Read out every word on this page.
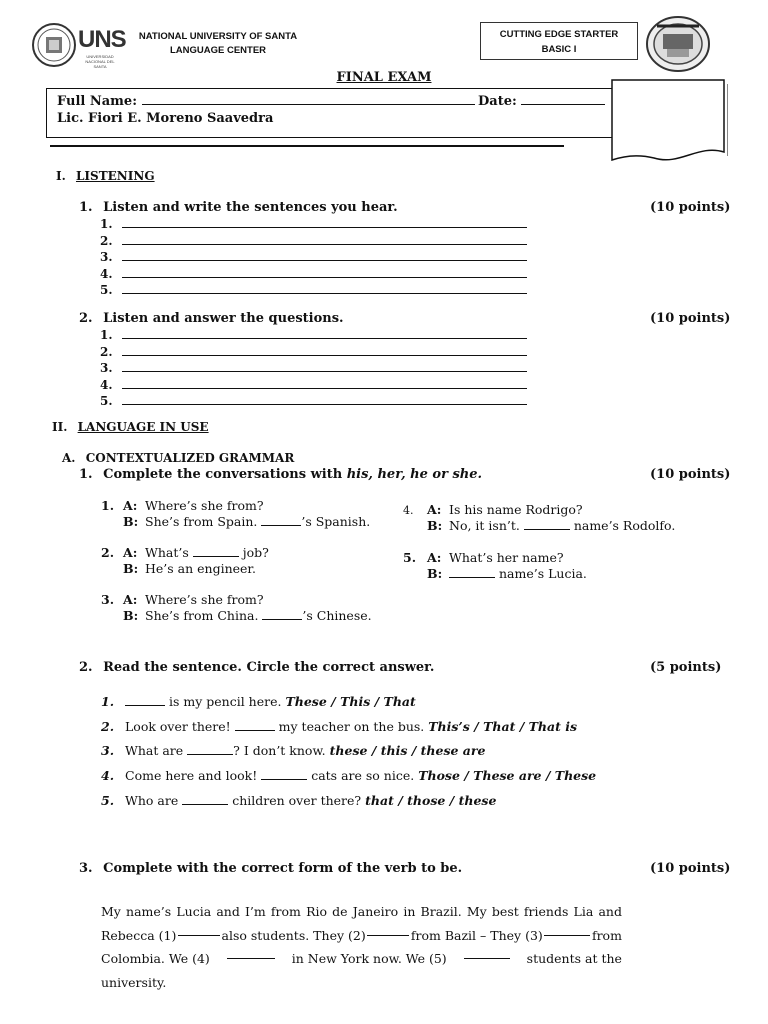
UNS
UNIVERSIDAD NACIONAL DEL SANTA
NATIONAL UNIVERSITY OF SANTA
LANGUAGE CENTER
CUTTING EDGE STARTER
BASIC I
FINAL EXAM
Full Name:	Date:
Lic. Fiori E. Moreno Saavedra
I. LISTENING
1. Listen and write the sentences you hear.	(10 points)
1.
2.
3.
4.
5.
2. Listen and answer the questions.	(10 points)
1.
2.
3.
4.
5.
II. LANGUAGE IN USE
A. CONTEXTUALIZED GRAMMAR
1. Complete the conversations with his, her, he or she.	(10 points)
1. A: Where’s she from?
B: She’s from Spain.	’s Spanish.
2. A: What’s	job?
B: He’s an engineer.
3. A: Where’s she from?
B: She’s from China.	’s Chinese.
4. A: Is his name Rodrigo?
B: No, it isn’t.	name’s Rodolfo.
5. A: What’s her name?
B:	name’s Lucia.
2. Read the sentence. Circle the correct answer.	(5 points)
1.	is my pencil here. These / This / That
2. Look over there!	my teacher on the bus. This’s / That / That is
3. What are	? I don’t know. these / this / these are
4. Come here and look!	cats are so nice. Those / These are / These
5. Who are	children over there? that / those / these
3. Complete with the correct form of the verb to be.	(10 points)
My name’s Lucia and I’m from Rio de Janeiro in Brazil. My best friends Lia and
Rebecca (1)	also students. They (2)	from Bazil – They (3)	from
Colombia. We (4)	in New York now. We (5)	students at the
university.
